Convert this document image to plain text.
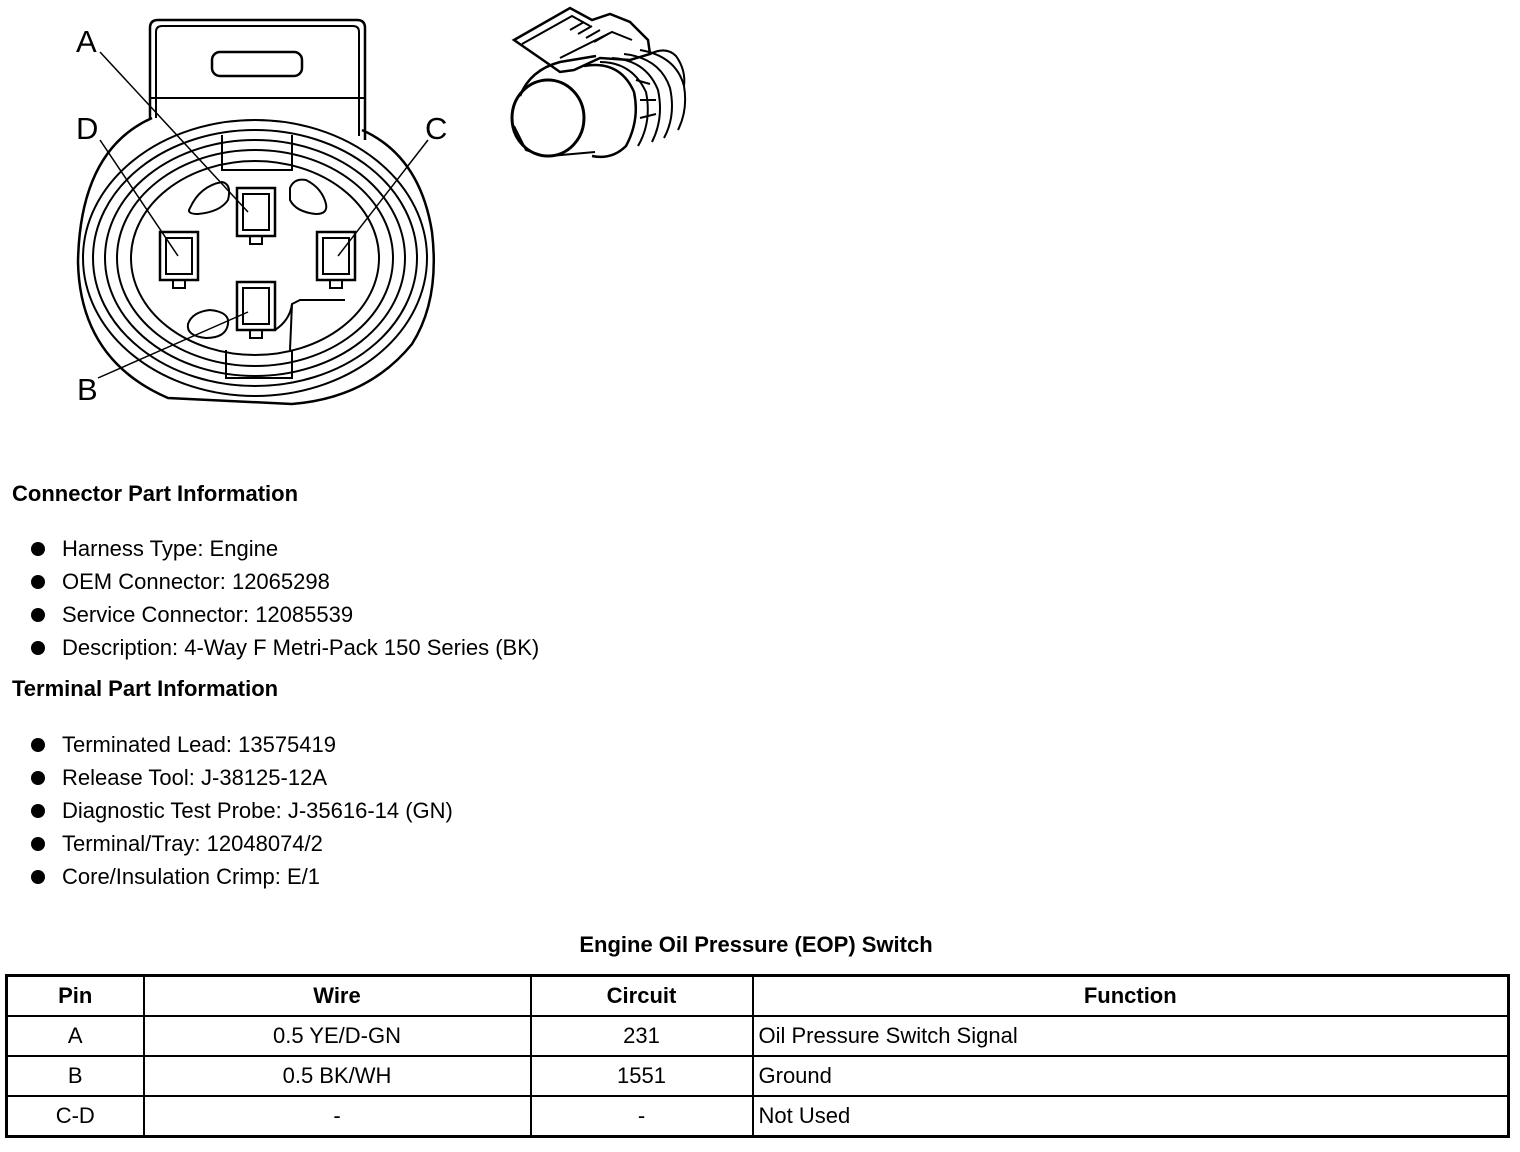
A
D	C
B
Connector Part Information
Harness Type: Engine
OEM Connector: 12065298
Service Connector: 12085539
Description: 4-Way F Metri-Pack 150 Series (BK)
Terminal Part Information
Terminated Lead: 13575419
Release Tool: J-38125-12A
Diagnostic Test Probe: J-35616-14 (GN)
Terminal/Tray: 12048074/2
Core/Insulation Crimp: E/1
Engine Oil Pressure (EOP) Switch
Pin	Wire	Circuit	Function
A	0.5 YE/D-GN	231	Oil Pressure Switch Signal
B	0.5 BK/WH	1551	Ground
C-D	-	-	Not Used
